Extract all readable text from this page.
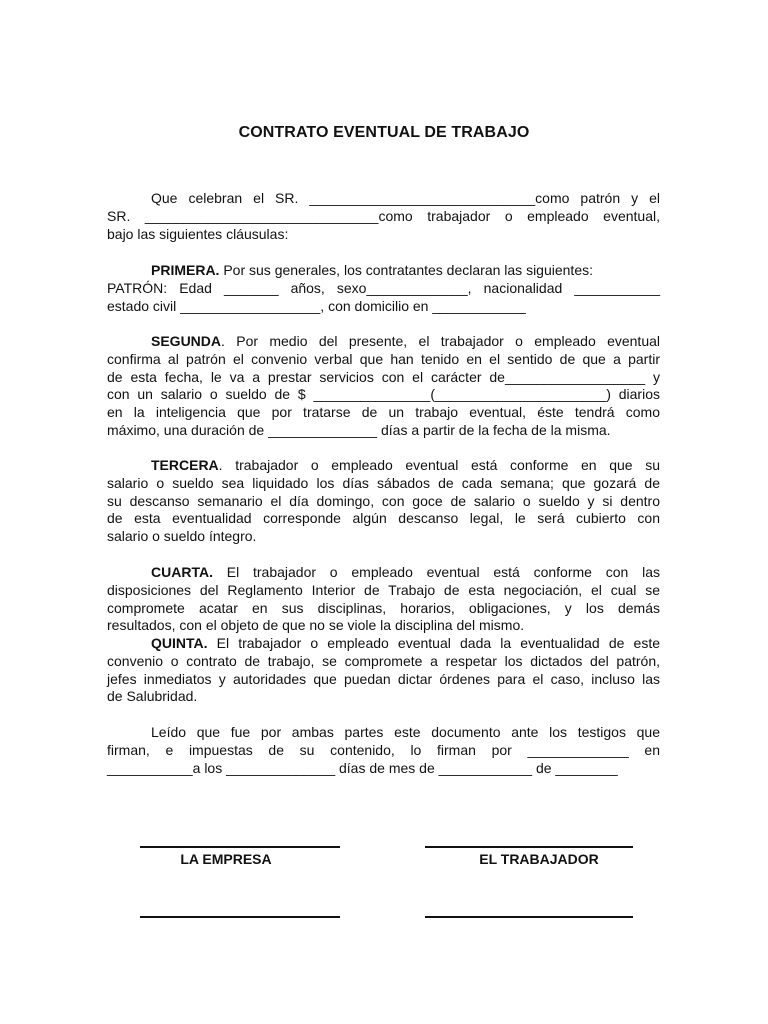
CONTRATO EVENTUAL DE TRABAJO
Que celebran el SR. _____________________________como patrón y el
SR. ______________________________como trabajador o empleado eventual,
bajo las siguientes cláusulas:
PRIMERA. Por sus generales, los contratantes declaran las siguientes:
PATRÓN: Edad _______ años, sexo_____________, nacionalidad ___________
estado civil __________________, con domicilio en ____________
SEGUNDA. Por medio del presente, el trabajador o empleado eventual
confirma al patrón el convenio verbal que han tenido en el sentido de que a partir
de esta fecha, le va a prestar servicios con el carácter de__________________ y
con un salario o sueldo de $ _______________(______________________) diarios
en la inteligencia que por tratarse de un trabajo eventual, éste tendrá como
máximo, una duración de ______________ días a partir de la fecha de la misma.
TERCERA. trabajador o empleado eventual está conforme en que su
salario o sueldo sea liquidado los días sábados de cada semana; que gozará de
su descanso semanario el día domingo, con goce de salario o sueldo y si dentro
de esta eventualidad corresponde algún descanso legal, le será cubierto con
salario o sueldo íntegro.
CUARTA. El trabajador o empleado eventual está conforme con las
disposiciones del Reglamento Interior de Trabajo de esta negociación, el cual se
compromete acatar en sus disciplinas, horarios, obligaciones, y los demás
resultados, con el objeto de que no se viole la disciplina del mismo.
QUINTA. El trabajador o empleado eventual dada la eventualidad de este
convenio o contrato de trabajo, se compromete a respetar los dictados del patrón,
jefes inmediatos y autoridades que puedan dictar órdenes para el caso, incluso las
de Salubridad.
Leído que fue por ambas partes este documento ante los testigos que
firman, e impuestas de su contenido, lo firman por _____________ en
___________a los ______________ días de mes de ____________ de ________
LA EMPRESA	EL TRABAJADOR
